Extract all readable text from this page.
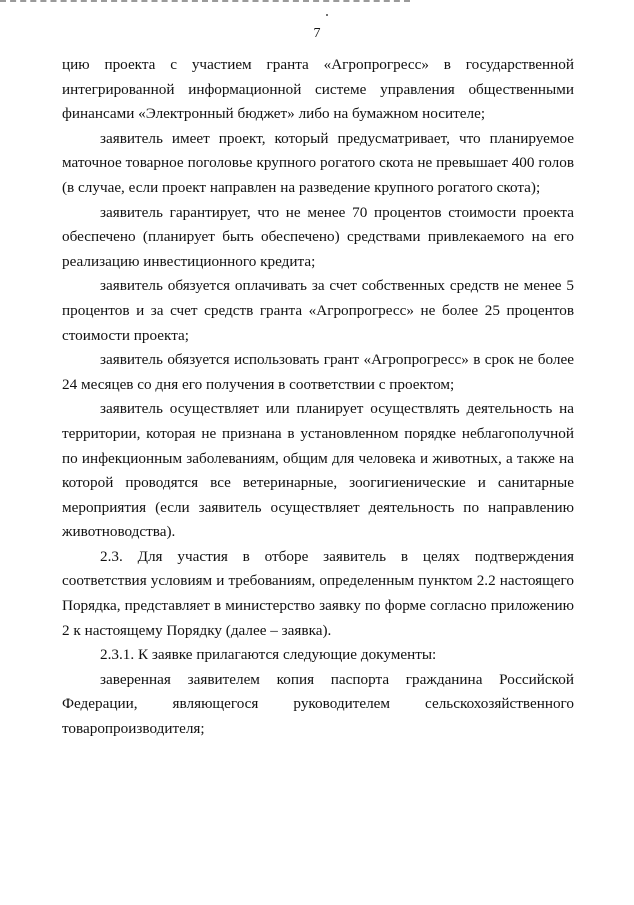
7

цию проекта с участием гранта «Агропрогресс» в государственной интегрированной информационной системе управления общественными финансами «Электронный бюджет» либо на бумажном носителе;

заявитель имеет проект, который предусматривает, что планируемое маточное товарное поголовье крупного рогатого скота не превышает 400 голов (в случае, если проект направлен на разведение крупного рогатого скота);

заявитель гарантирует, что не менее 70 процентов стоимости проекта обеспечено (планирует быть обеспечено) средствами привлекаемого на его реализацию инвестиционного кредита;

заявитель обязуется оплачивать за счет собственных средств не менее 5 процентов и за счет средств гранта «Агропрогресс» не более 25 процентов стоимости проекта;

заявитель обязуется использовать грант «Агропрогресс» в срок не более 24 месяцев со дня его получения в соответствии с проектом;

заявитель осуществляет или планирует осуществлять деятельность на территории, которая не признана в установленном порядке неблагополучной по инфекционным заболеваниям, общим для человека и животных, а также на которой проводятся все ветеринарные, зоогигиенические и санитарные мероприятия (если заявитель осуществляет деятельность по направлению животноводства).

2.3. Для участия в отборе заявитель в целях подтверждения соответствия условиям и требованиям, определенным пунктом 2.2 настоящего Порядка, представляет в министерство заявку по форме согласно приложению 2 к настоящему Порядку (далее – заявка).

2.3.1. К заявке прилагаются следующие документы:

заверенная заявителем копия паспорта гражданина Российской Федерации, являющегося руководителем сельскохозяйственного товаропроизводителя;
